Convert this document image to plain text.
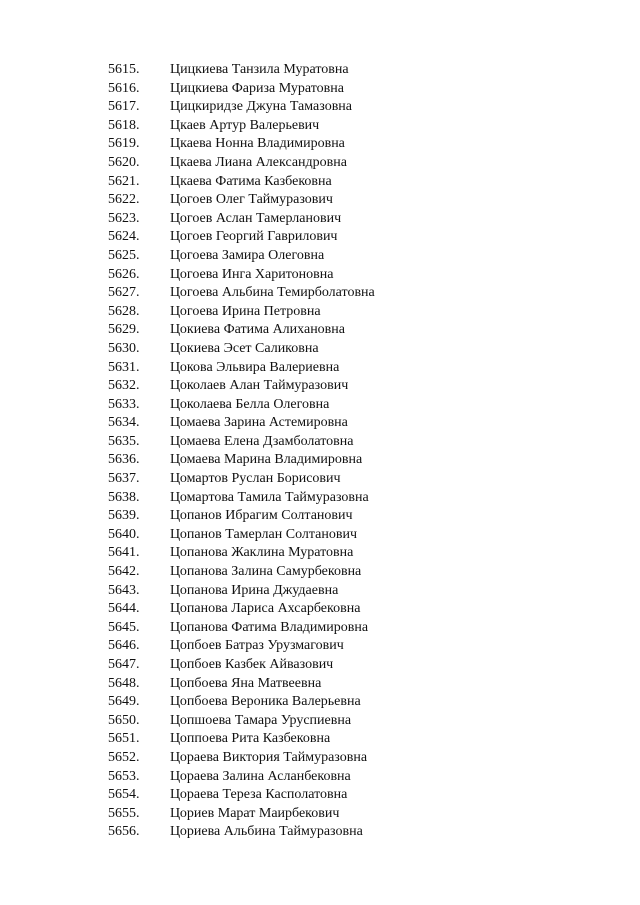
5615.	Цицкиева Танзила Муратовна
5616.	Цицкиева Фариза Муратовна
5617.	Цицкиридзе Джуна Тамазовна
5618.	Цкаев Артур Валерьевич
5619.	Цкаева Нонна Владимировна
5620.	Цкаева Лиана Александровна
5621.	Цкаева Фатима Казбековна
5622.	Цогоев Олег Таймуразович
5623.	Цогоев Аслан Тамерланович
5624.	Цогоев Георгий Гаврилович
5625.	Цогоева Замира Олеговна
5626.	Цогоева Инга Харитоновна
5627.	Цогоева Альбина Темирболатовна
5628.	Цогоева Ирина Петровна
5629.	Цокиева Фатима Алихановна
5630.	Цокиева Эсет Саликовна
5631.	Цокова Эльвира Валериевна
5632.	Цоколаев Алан Таймуразович
5633.	Цоколаева Белла Олеговна
5634.	Цомаева Зарина Астемировна
5635.	Цомаева Елена Дзамболатовна
5636.	Цомаева Марина Владимировна
5637.	Цомартов Руслан Борисович
5638.	Цомартова Тамила Таймуразовна
5639.	Цопанов Ибрагим Солтанович
5640.	Цопанов Тамерлан Солтанович
5641.	Цопанова Жаклина Муратовна
5642.	Цопанова Залина Самурбековна
5643.	Цопанова Ирина Джудаевна
5644.	Цопанова Лариса Ахсарбековна
5645.	Цопанова Фатима Владимировна
5646.	Цопбоев Батраз Урузмагович
5647.	Цопбоев Казбек Айвазович
5648.	Цопбоева Яна Матвеевна
5649.	Цопбоева Вероника Валерьевна
5650.	Цопшоева Тамара Уруспиевна
5651.	Цоппоева Рита Казбековна
5652.	Цораева Виктория Таймуразовна
5653.	Цораева Залина Асланбековна
5654.	Цораева Тереза Касполатовна
5655.	Цориев Марат Маирбекович
5656.	Цориева Альбина Таймуразовна
